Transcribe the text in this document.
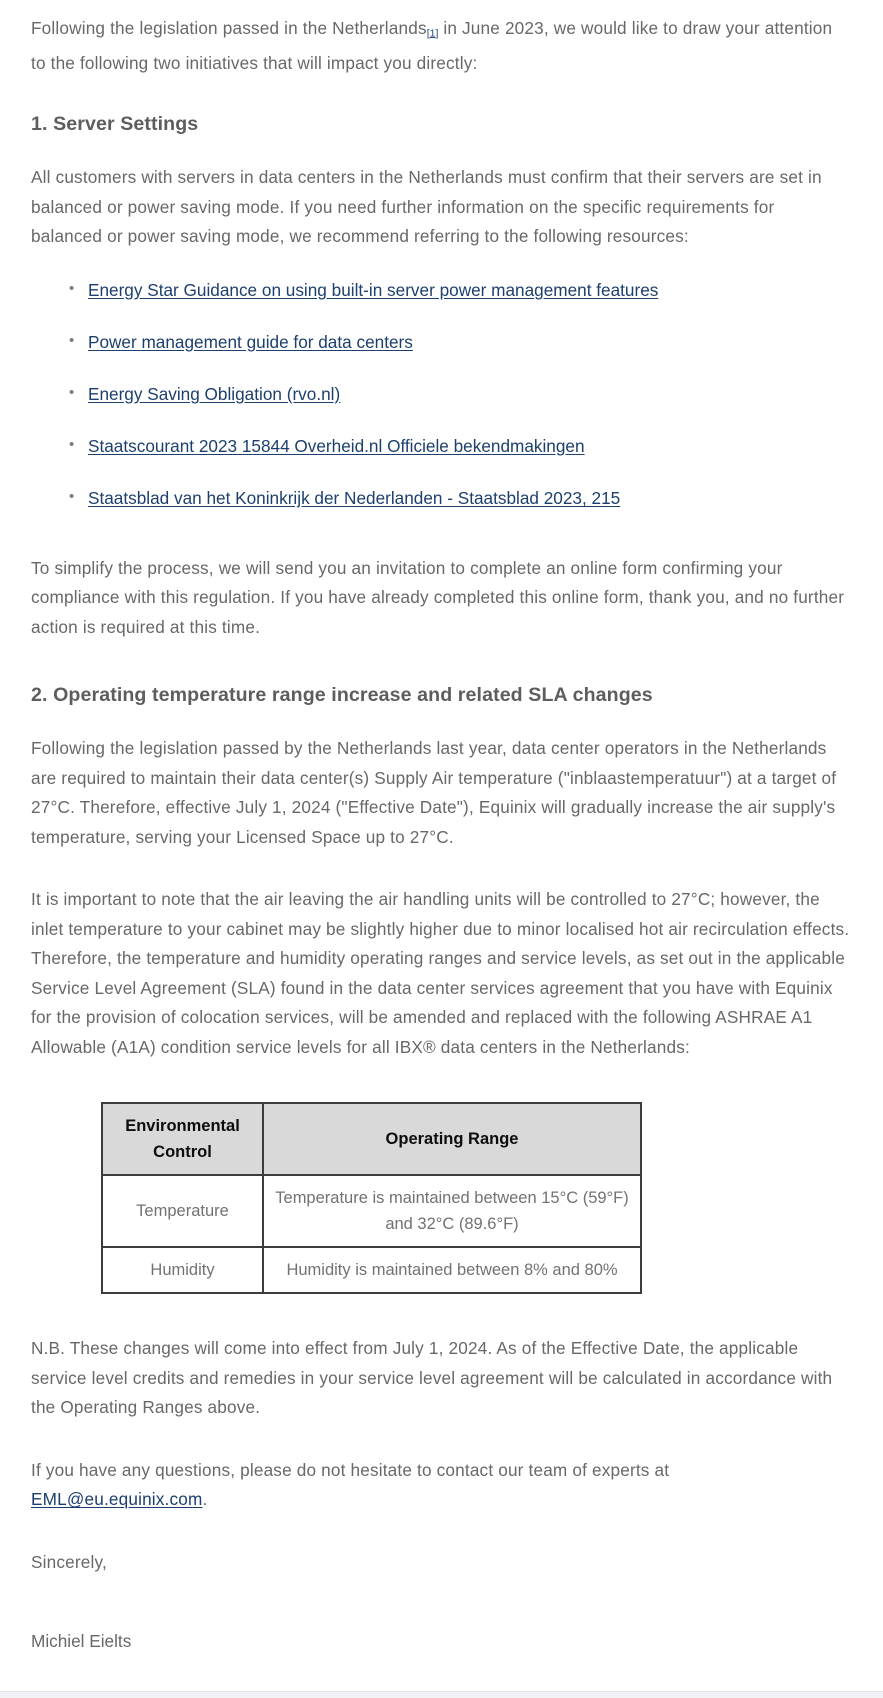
Following the legislation passed in the Netherlands[1] in June 2023, we would like to draw your attention to the following two initiatives that will impact you directly:

1. Server Settings

All customers with servers in data centers in the Netherlands must confirm that their servers are set in balanced or power saving mode. If you need further information on the specific requirements for balanced or power saving mode, we recommend referring to the following resources:

• Energy Star Guidance on using built-in server power management features
• Power management guide for data centers
• Energy Saving Obligation (rvo.nl)
• Staatscourant 2023 15844 Overheid.nl Officiele bekendmakingen
• Staatsblad van het Koninkrijk der Nederlanden - Staatsblad 2023, 215

To simplify the process, we will send you an invitation to complete an online form confirming your compliance with this regulation. If you have already completed this online form, thank you, and no further action is required at this time.

2. Operating temperature range increase and related SLA changes

Following the legislation passed by the Netherlands last year, data center operators in the Netherlands are required to maintain their data center(s) Supply Air temperature ("inblaastemperatuur") at a target of 27°C. Therefore, effective July 1, 2024 ("Effective Date"), Equinix will gradually increase the air supply's temperature, serving your Licensed Space up to 27°C.

It is important to note that the air leaving the air handling units will be controlled to 27°C; however, the inlet temperature to your cabinet may be slightly higher due to minor localised hot air recirculation effects. Therefore, the temperature and humidity operating ranges and service levels, as set out in the applicable Service Level Agreement (SLA) found in the data center services agreement that you have with Equinix for the provision of colocation services, will be amended and replaced with the following ASHRAE A1 Allowable (A1A) condition service levels for all IBX® data centers in the Netherlands:

Environmental Control	Operating Range
Temperature	Temperature is maintained between 15°C (59°F) and 32°C (89.6°F)
Humidity	Humidity is maintained between 8% and 80%

N.B. These changes will come into effect from July 1, 2024. As of the Effective Date, the applicable service level credits and remedies in your service level agreement will be calculated in accordance with the Operating Ranges above.

If you have any questions, please do not hesitate to contact our team of experts at EML@eu.equinix.com.

Sincerely,

Michiel Eielts
